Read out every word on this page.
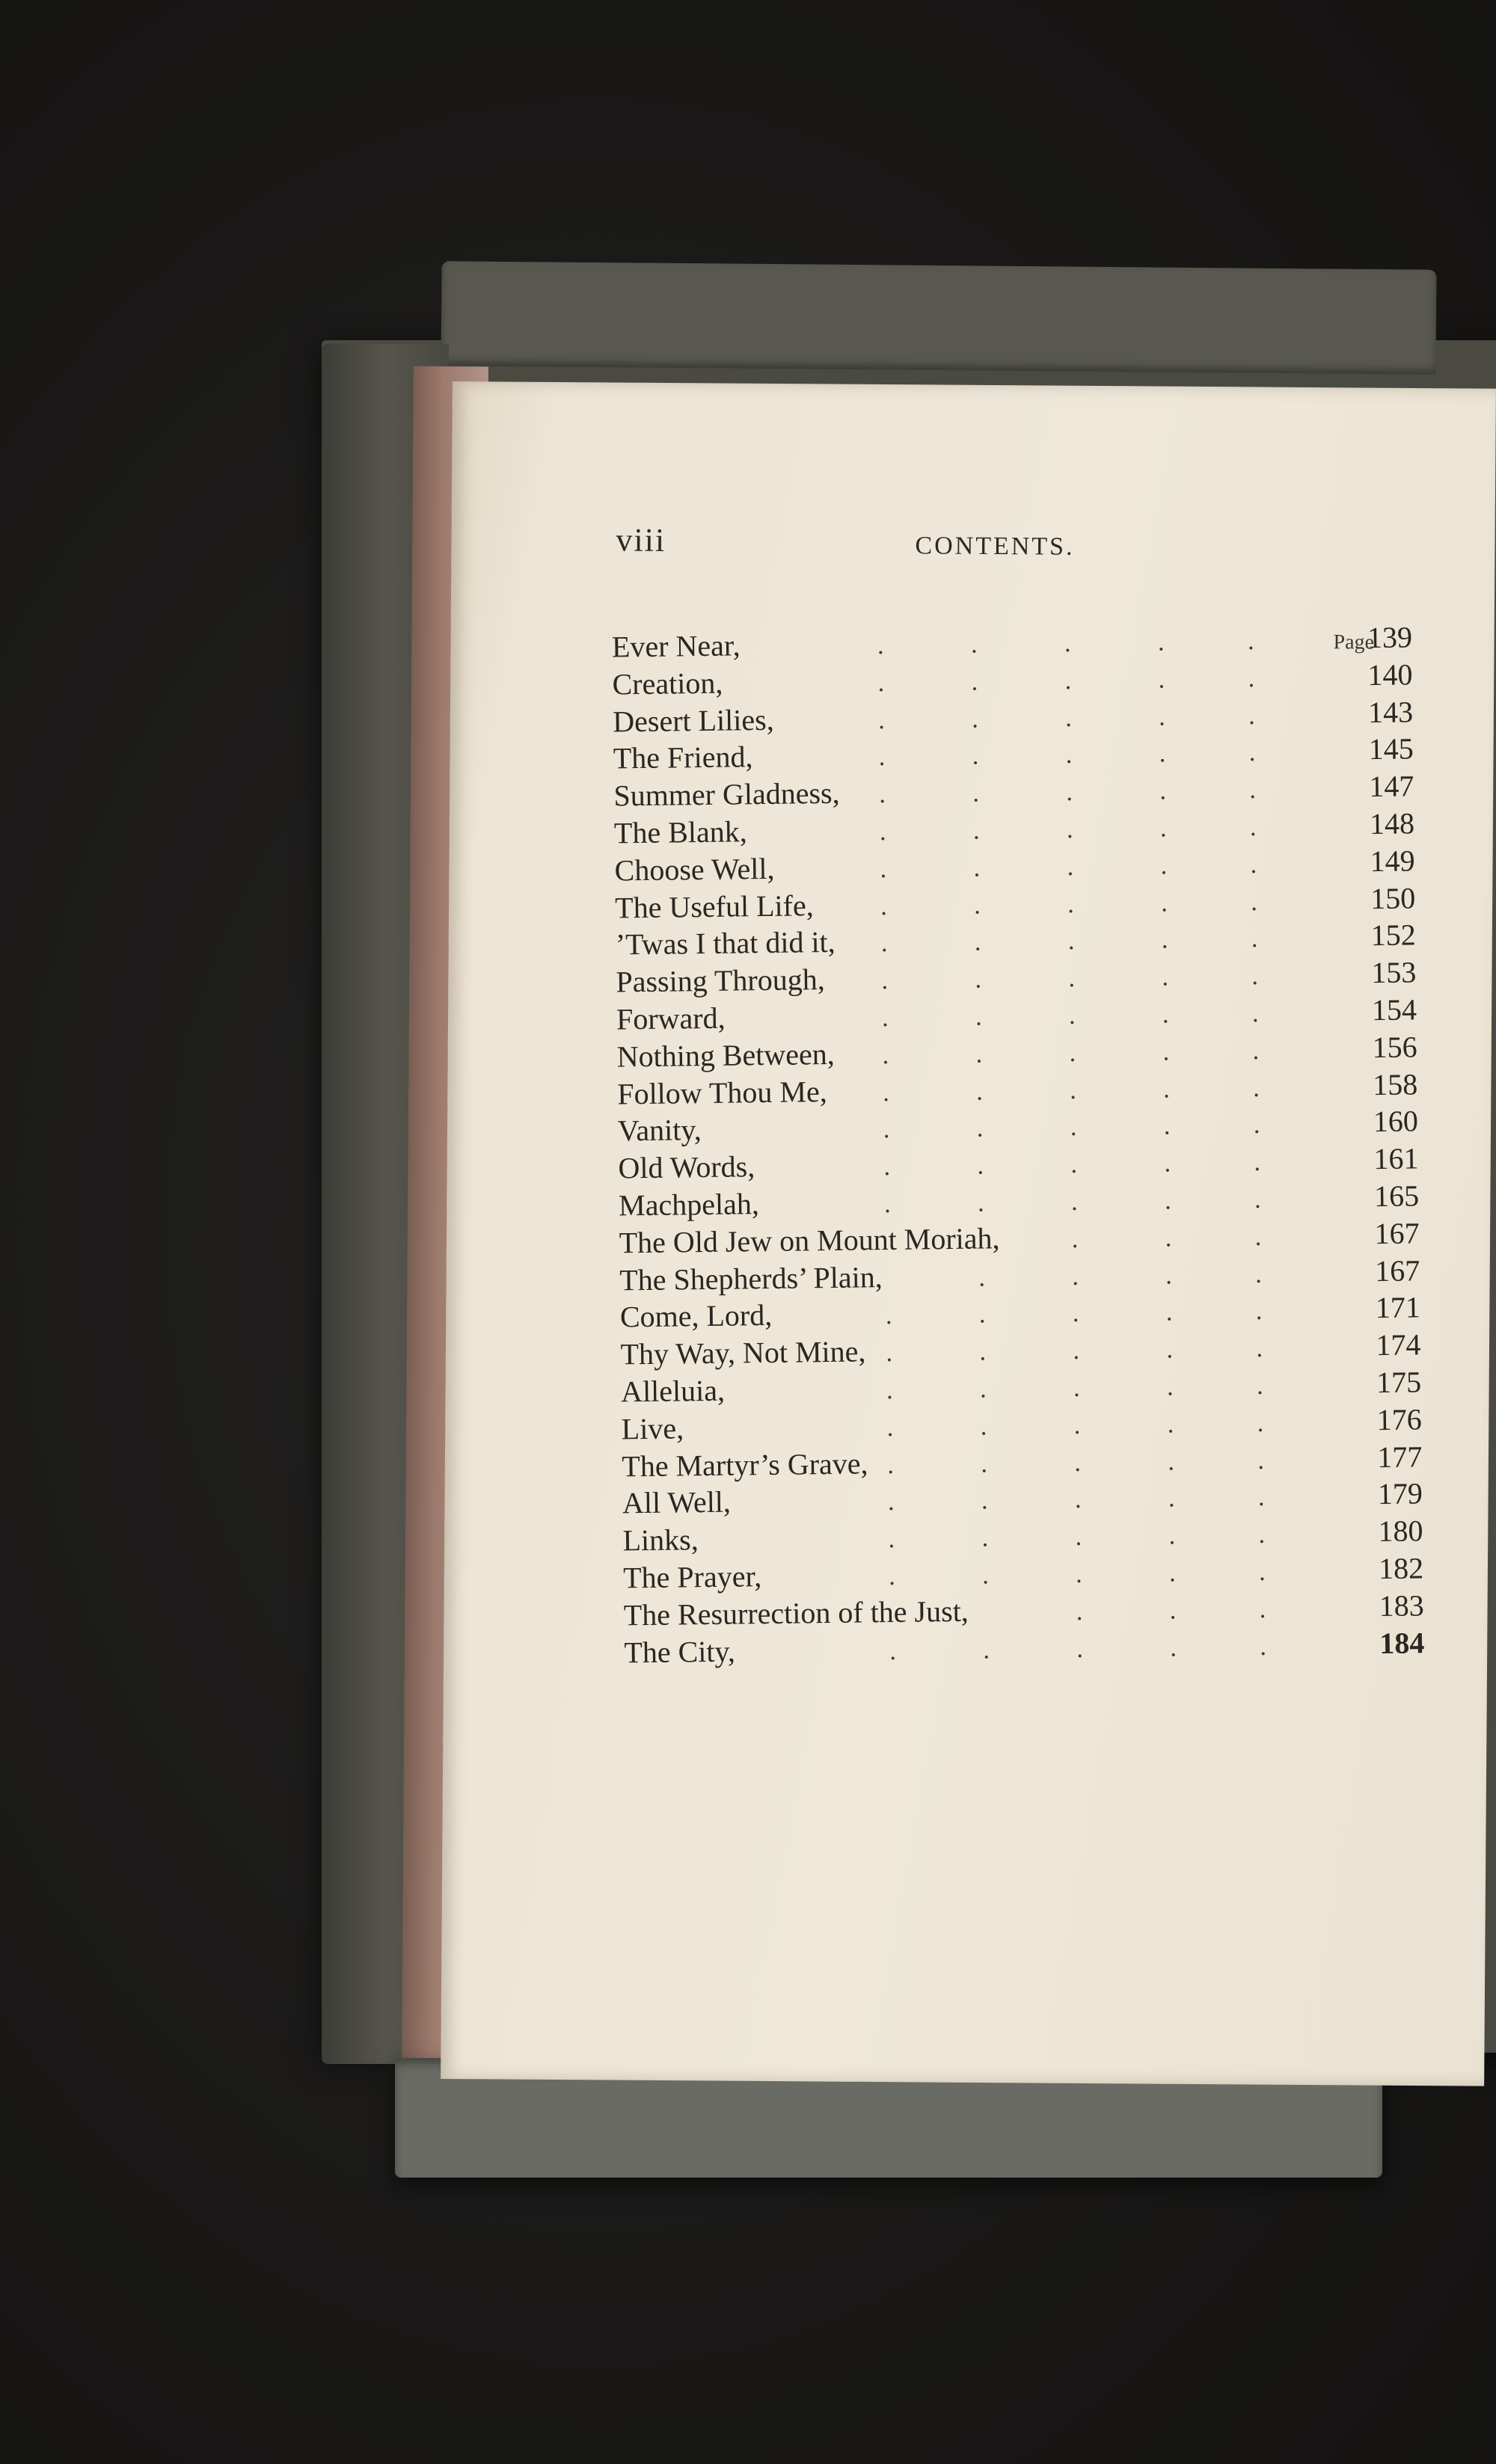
viii	CONTENTS.
Page
.	.	.	.	.
Ever Near,	139
.	.	.	.	.
Creation,	140
.	.	.	.	.
Desert Lilies,	143
.	.	.	.	.
The Friend,	145
.	.	.	.	.
Summer Gladness,	147
.	.	.	.	.
The Blank,	148
.	.	.	.	.
Choose Well,	149
.	.	.	.	.
The Useful Life,	150
.	.	.	.	.
’Twas I that did it,	152
.	.	.	.	.
Passing Through,	153
.	.	.	.	.
Forward,	154
.	.	.	.	.
Nothing Between,	156
.	.	.	.	.
Follow Thou Me,	158
.	.	.	.	.
Vanity,	160
.	.	.	.	.
Old Words,	161
.	.	.	.	.
Machpelah,	165
.	.	.
The Old Jew on Mount Moriah,	167
.	.	.	.
The Shepherds’ Plain,	167
.	.	.	.	.
Come, Lord,	171
.	.	.	.	.
Thy Way, Not Mine,	174
.	.	.	.	.
Alleluia,	175
.	.	.	.	.
Live,	176
.	.	.	.	.
The Martyr’s Grave,	177
.	.	.	.	.
All Well,	179
.	.	.	.	.
Links,	180
.	.	.	.	.
The Prayer,	182
.	.	.
The Resurrection of the Just,	183
.	.	.	.	.
The City,	184
